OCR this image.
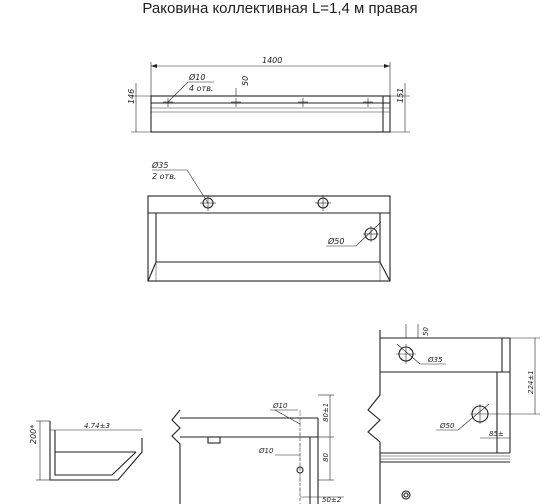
Раковина коллективная L=1,4 м правая
1400
Ø10
4 отв.
50
146	151
Ø35
2 отв.
Ø50
4.74±3
200*
Ø10
Ø10
80±1
80
50±2
Ø35
50
Ø50
224±1
85±
